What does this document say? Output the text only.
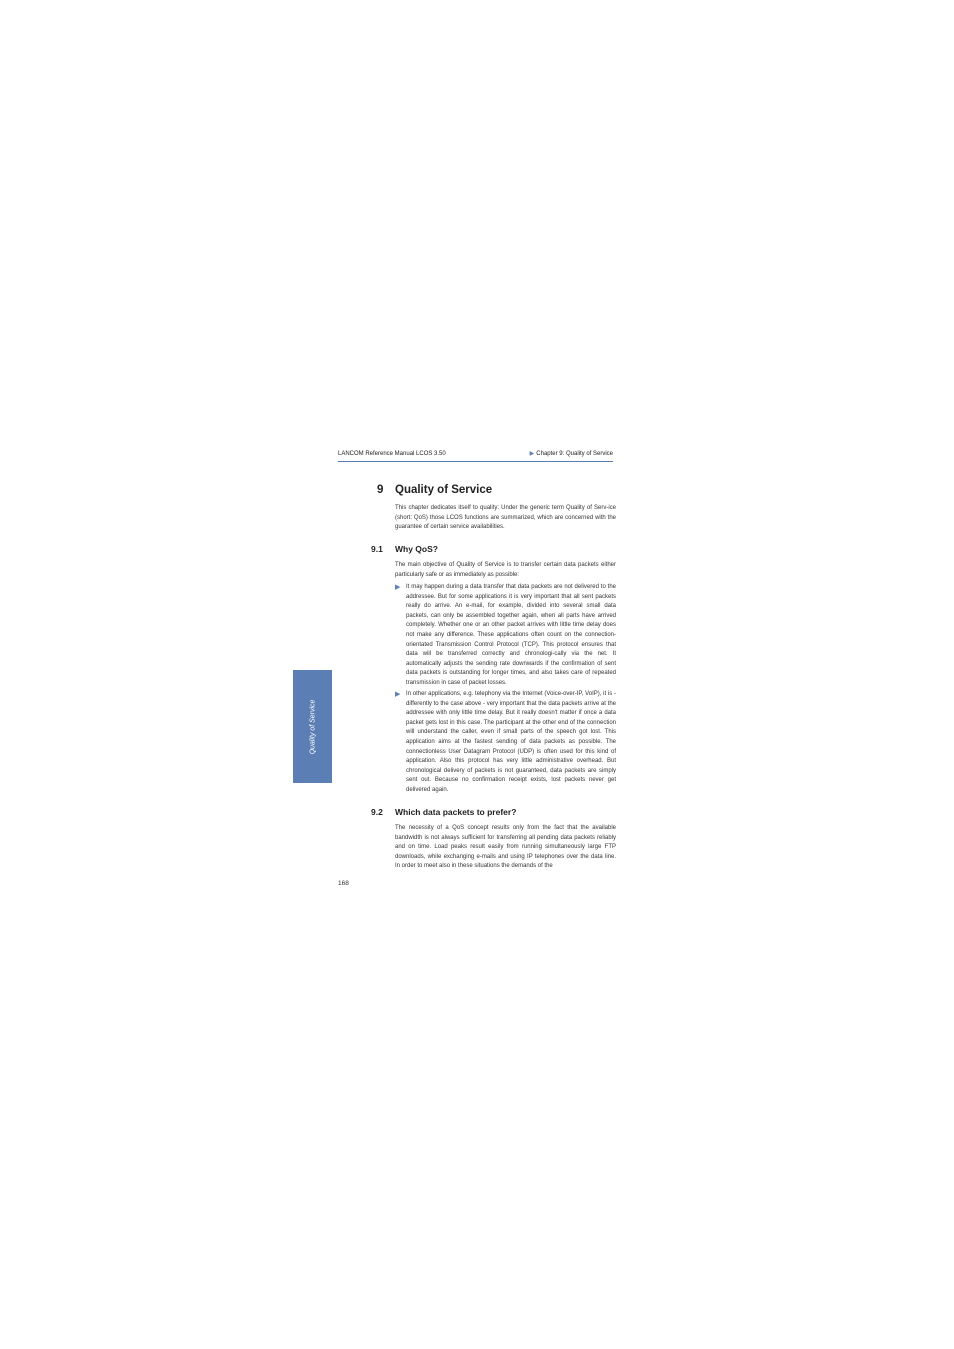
LANCOM Reference Manual LCOS 3.50	▶ Chapter 9: Quality of Service
Quality of Service
9 Quality of Service

This chapter dedicates itself to quality: Under the generic term Quality of Serv-ice (short: QoS) those LCOS functions are summarized, which are concerned with the guarantee of certain service availabilities.

9.1 Why QoS?

The main objective of Quality of Service is to transfer certain data packets either particularly safe or as immediately as possible:

▶ It may happen during a data transfer that data packets are not delivered to the addressee. But for some applications it is very important that all sent packets really do arrive. An e-mail, for example, divided into several small data packets, can only be assembled together again, when all parts have arrived completely. Whether one or an other packet arrives with little time delay does not make any difference. These applications often count on the connection-orientated Transmission Control Protocol (TCP). This protocol ensures that data will be transferred correctly and chronologi-cally via the net. It automatically adjusts the sending rate downwards if the confirmation of sent data packets is outstanding for longer times, and also takes care of repeated transmission in case of packet losses.

▶ In other applications, e.g. telephony via the Internet (Voice-over-IP, VoIP), it is - differently to the case above - very important that the data packets arrive at the addressee with only little time delay. But it really doesn't matter if once a data packet gets lost in this case. The participant at the other end of the connection will understand the caller, even if small parts of the speech got lost. This application aims at the fastest sending of data packets as possible. The connectionless User Datagram Protocol (UDP) is often used for this kind of application. Also this protocol has very little administrative overhead. But chronological delivery of packets is not guaranteed, data packets are simply sent out. Because no confirmation receipt exists, lost packets never get delivered again.

9.2 Which data packets to prefer?

The necessity of a QoS concept results only from the fact that the available bandwidth is not always sufficient for transferring all pending data packets reliably and on time. Load peaks result easily from running simultaneously large FTP downloads, while exchanging e-mails and using IP telephones over the data line. In order to meet also in these situations the demands of the

168
